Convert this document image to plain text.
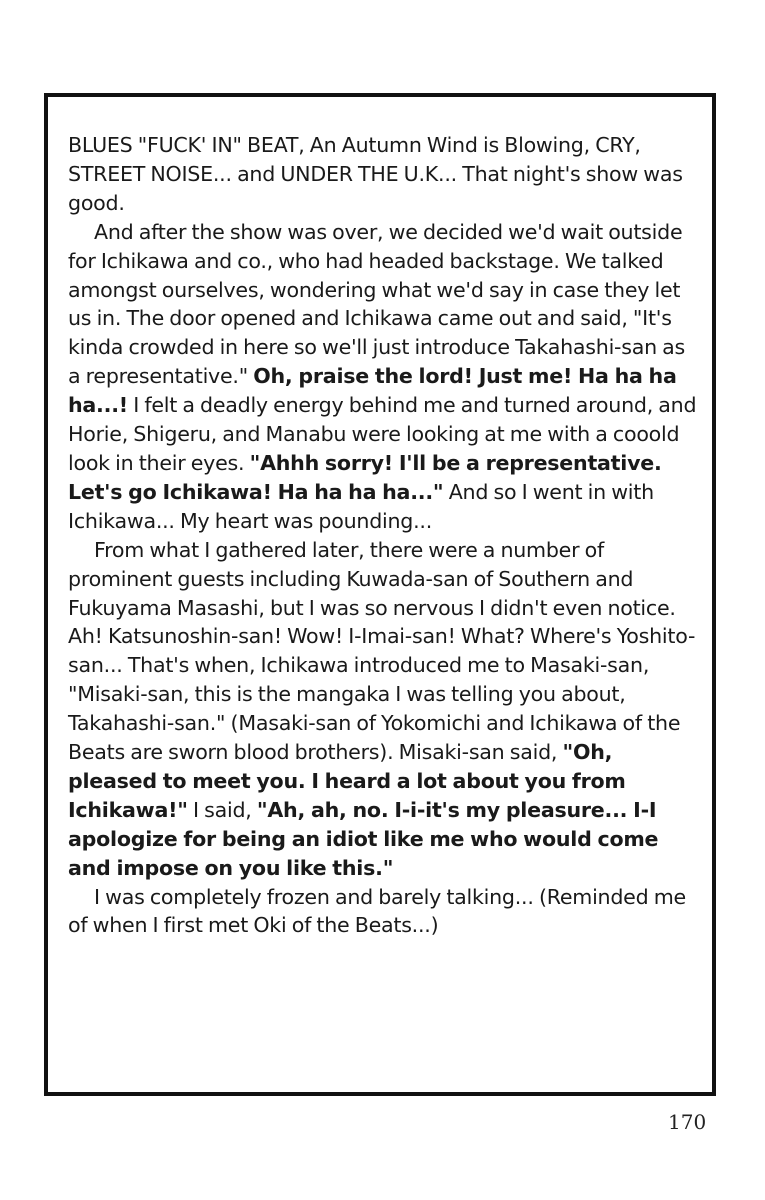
BLUES "FUCK' IN" BEAT, An Autumn Wind is Blowing, CRY, STREET NOISE... and UNDER THE U.K... That night's show was good.

And after the show was over, we decided we'd wait outside for Ichikawa and co., who had headed backstage. We talked amongst ourselves, wondering what we'd say in case they let us in. The door opened and Ichikawa came out and said, "It's kinda crowded in here so we'll just introduce Takahashi-san as a representative." Oh, praise the lord! Just me! Ha ha ha ha...! I felt a deadly energy behind me and turned around, and Horie, Shigeru, and Manabu were looking at me with a cooold look in their eyes. "Ahhh sorry! I'll be a representative. Let's go Ichikawa! Ha ha ha ha..." And so I went in with Ichikawa... My heart was pounding...

From what I gathered later, there were a number of prominent guests including Kuwada-san of Southern and Fukuyama Masashi, but I was so nervous I didn't even notice. Ah! Katsunoshin-san! Wow! I-Imai-san! What? Where's Yoshito-san... That's when, Ichikawa introduced me to Masaki-san, "Misaki-san, this is the mangaka I was telling you about, Takahashi-san." (Masaki-san of Yokomichi and Ichikawa of the Beats are sworn blood brothers). Misaki-san said, "Oh, pleased to meet you. I heard a lot about you from Ichikawa!" I said, "Ah, ah, no. I-i-it's my pleasure... I-I apologize for being an idiot like me who would come and impose on you like this."

I was completely frozen and barely talking... (Reminded me of when I first met Oki of the Beats...)

170
